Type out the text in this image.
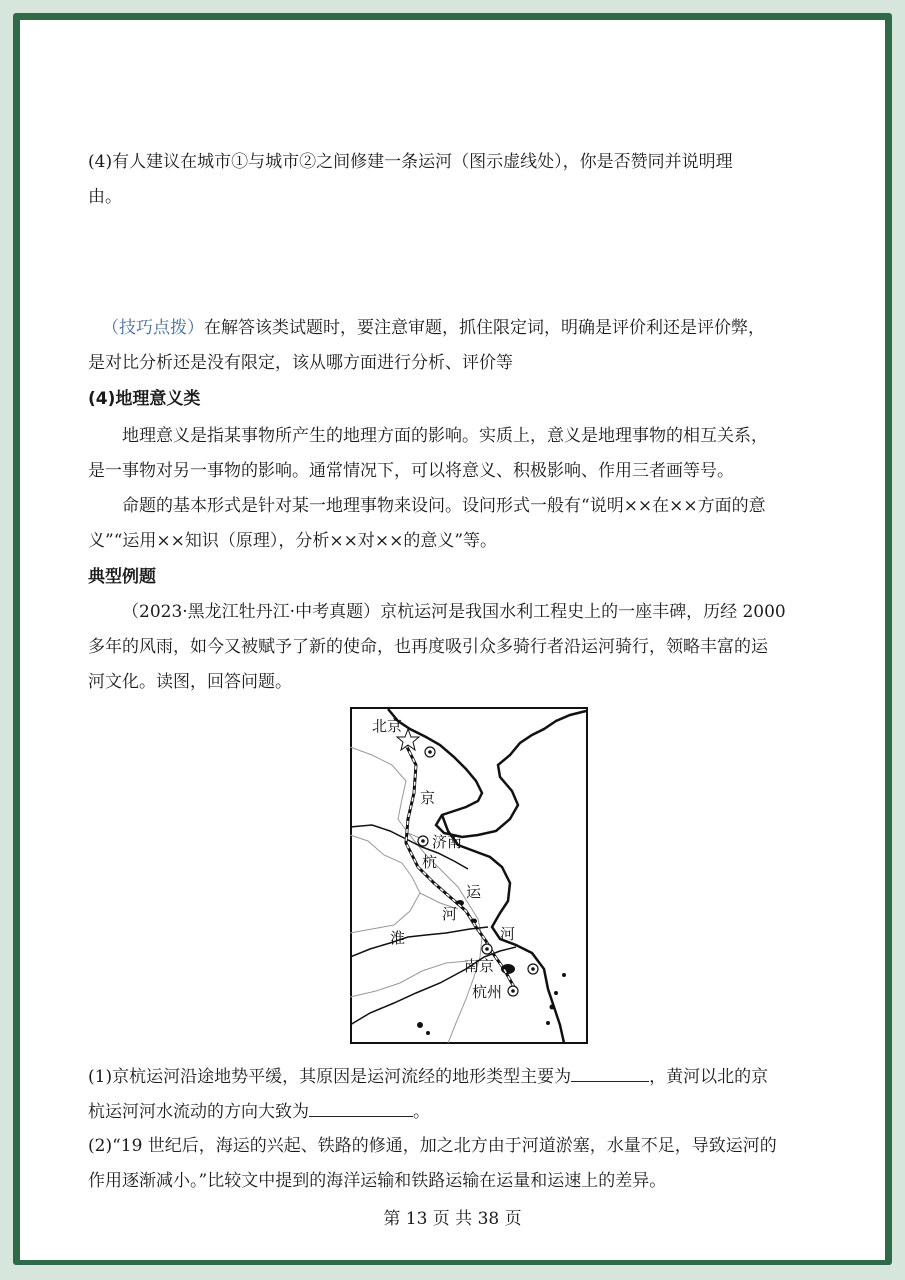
(4)有人建议在城市①与城市②之间修建一条运河（图示虚线处），你是否赞同并说明理
由。
（技巧点拨）在解答该类试题时，要注意审题，抓住限定词，明确是评价利还是评价弊，
是对比分析还是没有限定，该从哪方面进行分析、评价等
(4)地理意义类
地理意义是指某事物所产生的地理方面的影响。实质上，意义是地理事物的相互关系，
是一事物对另一事物的影响。通常情况下，可以将意义、积极影响、作用三者画等号。
命题的基本形式是针对某一地理事物来设问。设问形式一般有“说明××在××方面的意
义”“运用××知识（原理），分析××对××的意义”等。
典型例题
（2023·黑龙江牡丹江·中考真题）京杭运河是我国水利工程史上的一座丰碑，历经 2000
多年的风雨，如今又被赋予了新的使命，也再度吸引众多骑行者沿运河骑行，领略丰富的运
河文化。读图，回答问题。
北京
京
济南
杭
运
河
河
淮
南京
杭州
(1)京杭运河沿途地势平缓，其原因是运河流经的地形类型主要为	，黄河以北的京
杭运河河水流动的方向大致为	。
(2)“19 世纪后，海运的兴起、铁路的修通，加之北方由于河道淤塞，水量不足，导致运河的
作用逐渐减小。”比较文中提到的海洋运输和铁路运输在运量和运速上的差异。
第 13 页 共 38 页
